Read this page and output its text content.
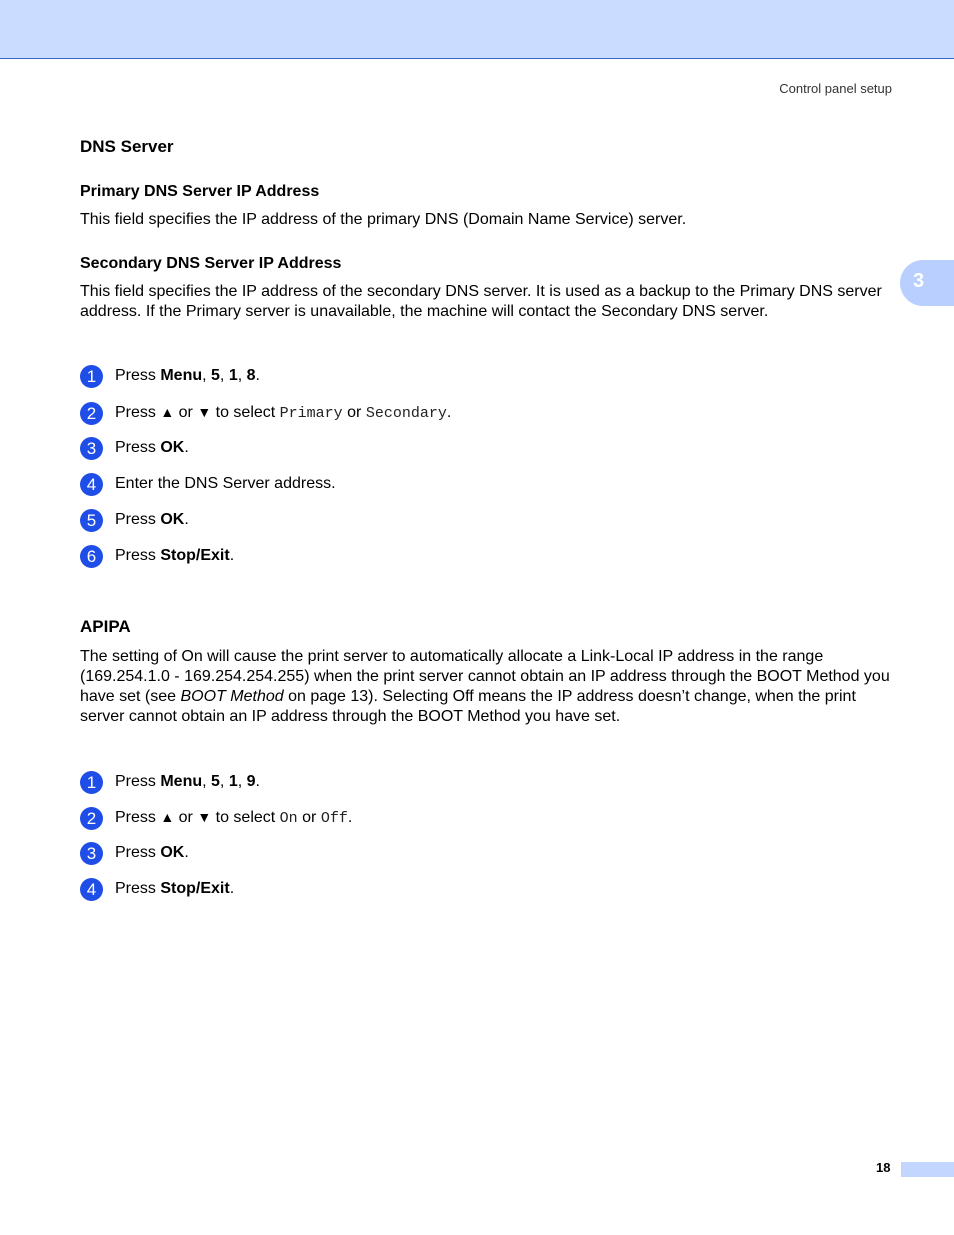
Control panel setup
3
DNS Server
Primary DNS Server IP Address
This field specifies the IP address of the primary DNS (Domain Name Service) server.
Secondary DNS Server IP Address
This field specifies the IP address of the secondary DNS server. It is used as a backup to the Primary DNS server address. If the Primary server is unavailable, the machine will contact the Secondary DNS server.
1 Press Menu, 5, 1, 8.
2 Press ▲ or ▼ to select Primary or Secondary.
3 Press OK.
4 Enter the DNS Server address.
5 Press OK.
6 Press Stop/Exit.
APIPA
The setting of On will cause the print server to automatically allocate a Link-Local IP address in the range (169.254.1.0 - 169.254.254.255) when the print server cannot obtain an IP address through the BOOT Method you have set (see BOOT Method on page 13). Selecting Off means the IP address doesn’t change, when the print server cannot obtain an IP address through the BOOT Method you have set.
1 Press Menu, 5, 1, 9.
2 Press ▲ or ▼ to select On or Off.
3 Press OK.
4 Press Stop/Exit.
18
